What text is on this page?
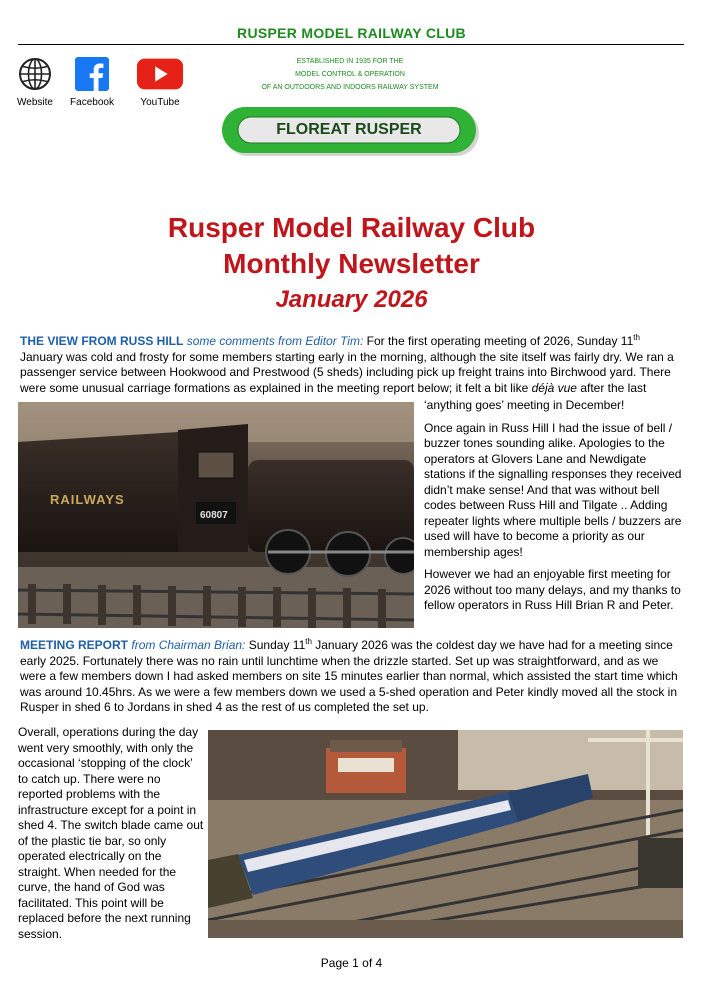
RUSPER MODEL RAILWAY CLUB
Website	Facebook	YouTube
ESTABLISHED IN 1935 FOR THE
MODEL CONTROL & OPERATION
OF AN OUTDOORS AND INDOORS RAILWAY SYSTEM
FLOREAT RUSPER
Rusper Model Railway Club
Monthly Newsletter
January 2026
THE VIEW FROM RUSS HILL some comments from Editor Tim: For the first operating meeting of 2026, Sunday 11th January was cold and frosty for some members starting early in the morning, although the site itself was fairly dry. We ran a passenger service between Hookwood and Prestwood (5 sheds) including pick up freight trains into Birchwood yard. There were some unusual carriage formations as explained in the meeting report below; it felt a bit like déjà vue after the last
RAILWAYS
60807
‘anything goes’ meeting in December!
Once again in Russ Hill I had the issue of bell / buzzer tones sounding alike. Apologies to the operators at Glovers Lane and Newdigate stations if the signalling responses they received didn’t make sense! And that was without bell codes between Russ Hill and Tilgate .. Adding repeater lights where multiple bells / buzzers are used will have to become a priority as our membership ages!
However we had an enjoyable first meeting for 2026 without too many delays, and my thanks to fellow operators in Russ Hill Brian R and Peter.
MEETING REPORT from Chairman Brian: Sunday 11th January 2026 was the coldest day we have had for a meeting since early 2025. Fortunately there was no rain until lunchtime when the drizzle started. Set up was straightforward, and as we were a few members down I had asked members on site 15 minutes earlier than normal, which assisted the start time which was around 10.45hrs. As we were a few members down we used a 5-shed operation and Peter kindly moved all the stock in Rusper in shed 6 to Jordans in shed 4 as the rest of us completed the set up.
Overall, operations during the day went very smoothly, with only the occasional ‘stopping of the clock’ to catch up. There were no reported problems with the infrastructure except for a point in shed 4. The switch blade came out of the plastic tie bar, so only operated electrically on the straight. When needed for the curve, the hand of God was facilitated. This point will be replaced before the next running session.
Page 1 of 4
